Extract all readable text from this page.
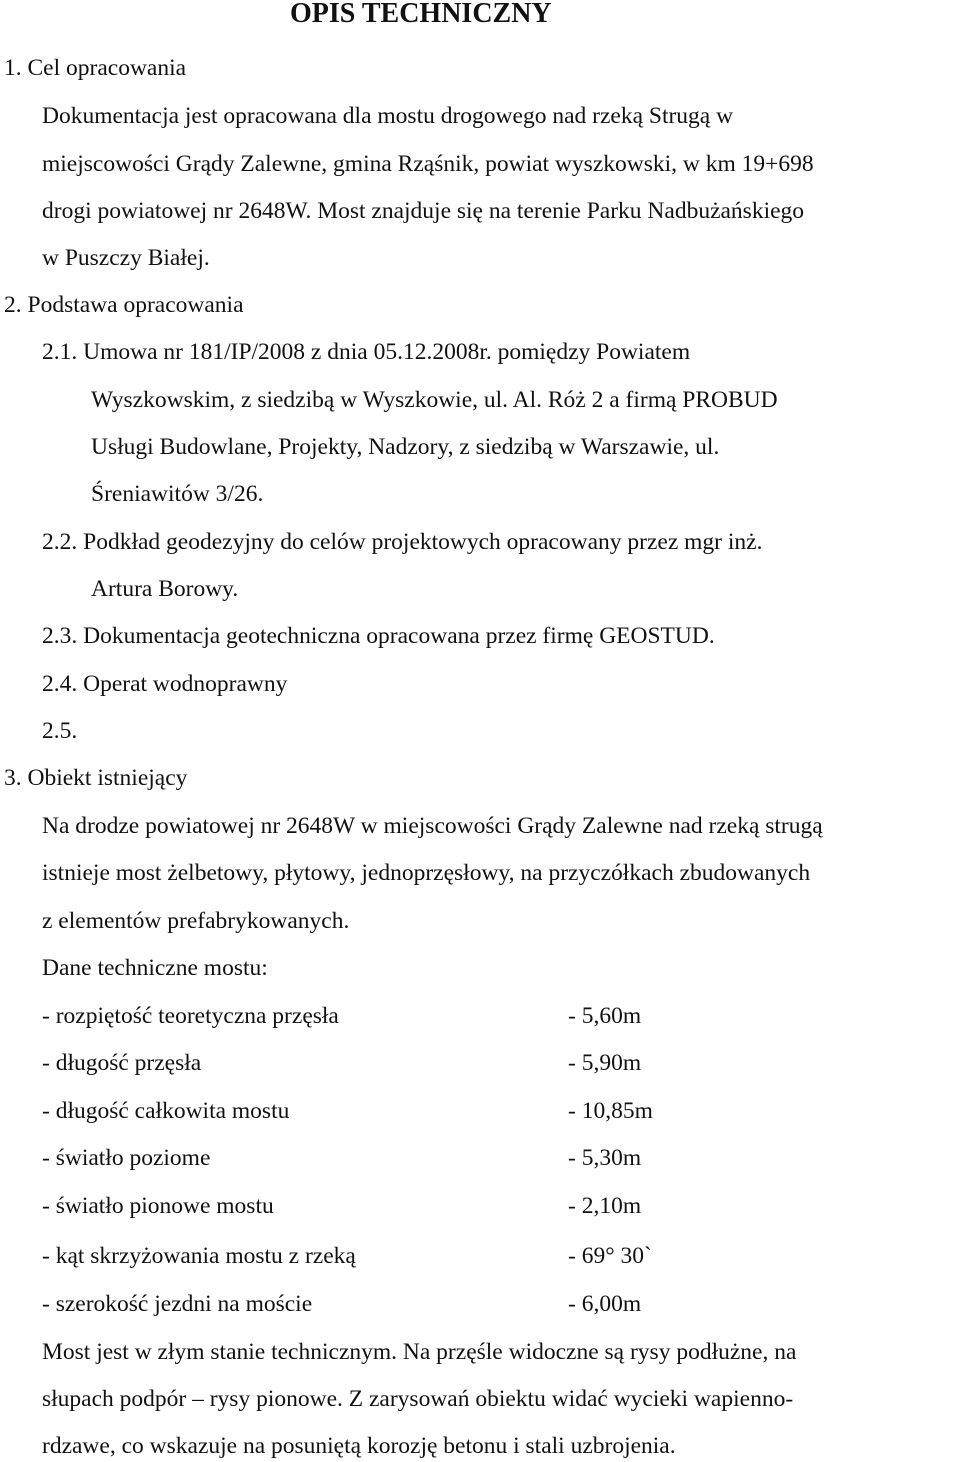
OPIS TECHNICZNY
1. Cel opracowania
Dokumentacja jest opracowana dla mostu drogowego nad rzeką Strugą w
miejscowości Grądy Zalewne, gmina Rząśnik, powiat wyszkowski, w km 19+698
drogi powiatowej nr 2648W. Most znajduje się na terenie Parku Nadbużańskiego
w Puszczy Białej.
2. Podstawa opracowania
2.1. Umowa nr 181/IP/2008 z dnia 05.12.2008r. pomiędzy Powiatem
Wyszkowskim, z siedzibą w Wyszkowie, ul. Al. Róż 2 a firmą PROBUD
Usługi Budowlane, Projekty, Nadzory, z siedzibą w Warszawie, ul.
Śreniawitów 3/26.
2.2. Podkład geodezyjny do celów projektowych opracowany przez mgr inż.
Artura Borowy.
2.3. Dokumentacja geotechniczna opracowana przez firmę GEOSTUD.
2.4. Operat wodnoprawny
2.5.
3. Obiekt istniejący
Na drodze powiatowej nr 2648W w miejscowości Grądy Zalewne nad rzeką strugą
istnieje most żelbetowy, płytowy, jednoprzęsłowy, na przyczółkach zbudowanych
z elementów prefabrykowanych.
Dane techniczne mostu:
- rozpiętość teoretyczna przęsła	- 5,60m
- długość przęsła	- 5,90m
- długość całkowita mostu	- 10,85m
- światło poziome	- 5,30m
- światło pionowe mostu	- 2,10m
- kąt skrzyżowania mostu z rzeką	- 69° 30`
- szerokość jezdni na moście	- 6,00m
Most jest w złym stanie technicznym. Na przęśle widoczne są rysy podłużne, na
słupach podpór – rysy pionowe. Z zarysowań obiektu widać wycieki wapienno-
rdzawe, co wskazuje na posuniętą korozję betonu i stali uzbrojenia.
